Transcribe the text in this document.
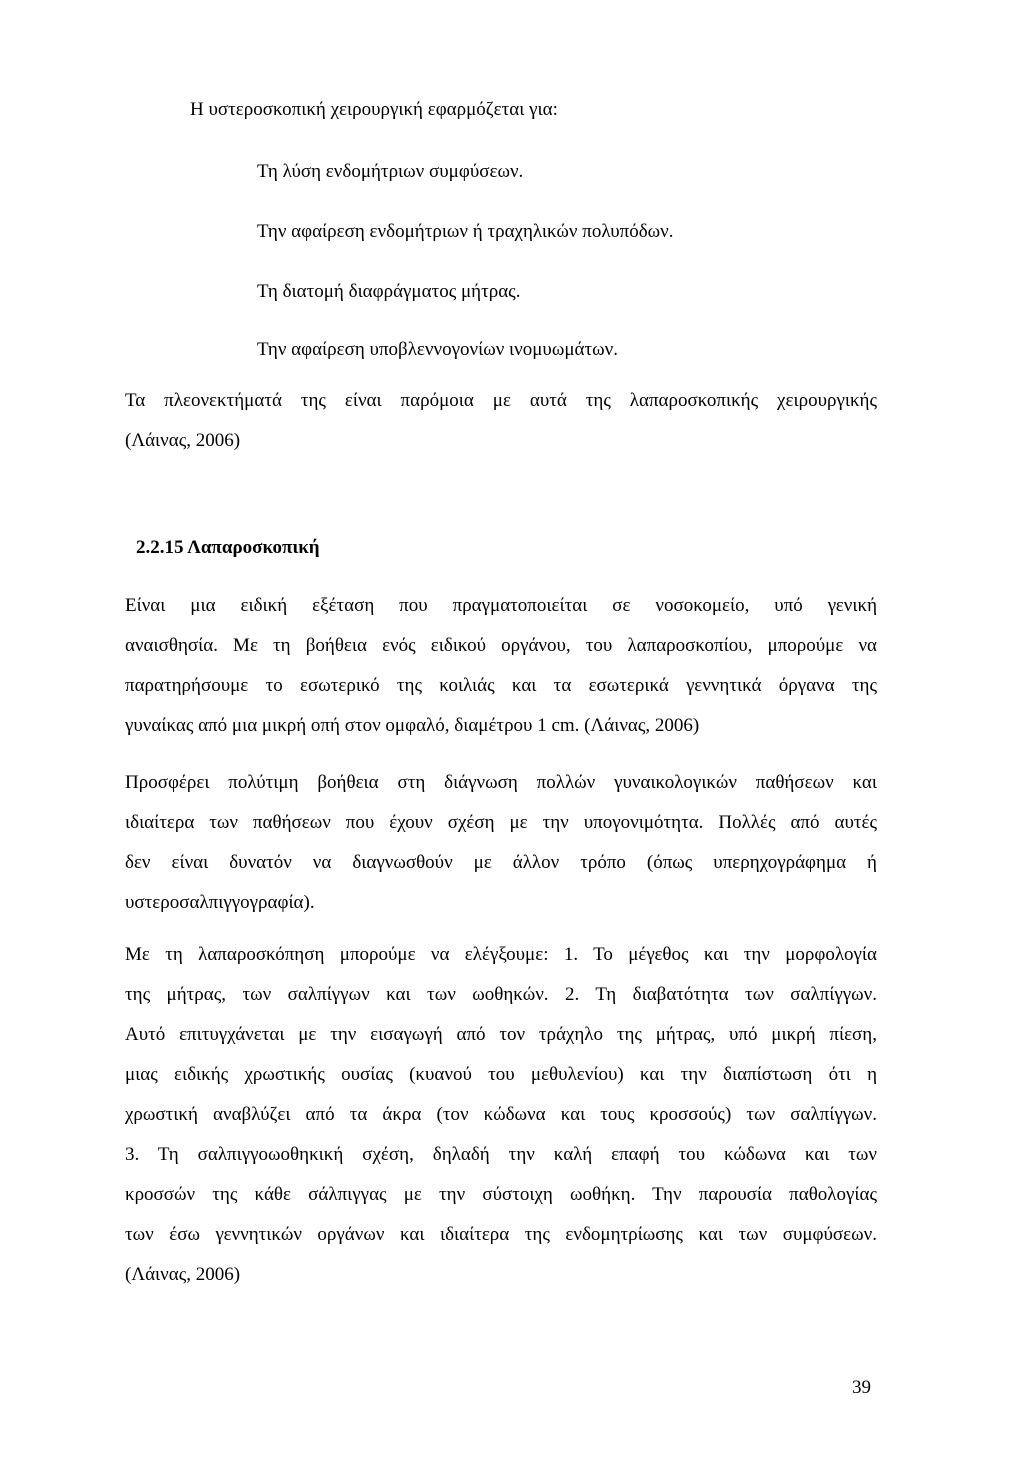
Η υστεροσκοπική χειρουργική εφαρμόζεται για:
Τη λύση ενδομήτριων συμφύσεων.
Την αφαίρεση ενδομήτριων ή τραχηλικών πολυπόδων.
Τη διατομή διαφράγματος μήτρας.
Την αφαίρεση υποβλεννογονίων ινομυωμάτων.
Τα πλεονεκτήματά της είναι παρόμοια με αυτά της λαπαροσκοπικής χειρουργικής
(Λάινας, 2006)
2.2.15 Λαπαροσκοπική
Είναι μια ειδική εξέταση που πραγματοποιείται σε νοσοκομείο, υπό γενική
αναισθησία. Με τη βοήθεια ενός ειδικού οργάνου, του λαπαροσκοπίου, μπορούμε να
παρατηρήσουμε το εσωτερικό της κοιλιάς και τα εσωτερικά γεννητικά όργανα της
γυναίκας από μια μικρή οπή στον ομφαλό, διαμέτρου 1 cm. (Λάινας, 2006)
Προσφέρει πολύτιμη βοήθεια στη διάγνωση πολλών γυναικολογικών παθήσεων και
ιδιαίτερα των παθήσεων που έχουν σχέση με την υπογονιμότητα. Πολλές από αυτές
δεν είναι δυνατόν να διαγνωσθούν με άλλον τρόπο (όπως υπερηχογράφημα ή
υστεροσαλπιγγογραφία).
Με τη λαπαροσκόπηση μπορούμε να ελέγξουμε: 1. Το μέγεθος και την μορφολογία
της μήτρας, των σαλπίγγων και των ωοθηκών. 2. Τη διαβατότητα των σαλπίγγων.
Αυτό επιτυγχάνεται με την εισαγωγή από τον τράχηλο της μήτρας, υπό μικρή πίεση,
μιας ειδικής χρωστικής ουσίας (κυανού του μεθυλενίου) και την διαπίστωση ότι η
χρωστική αναβλύζει από τα άκρα (τον κώδωνα και τους κροσσούς) των σαλπίγγων.
3. Τη σαλπιγγοωοθηκική σχέση, δηλαδή την καλή επαφή του κώδωνα και των
κροσσών της κάθε σάλπιγγας με την σύστοιχη ωοθήκη. Την παρουσία παθολογίας
των έσω γεννητικών οργάνων και ιδιαίτερα της ενδομητρίωσης και των συμφύσεων.
(Λάινας, 2006)
39
